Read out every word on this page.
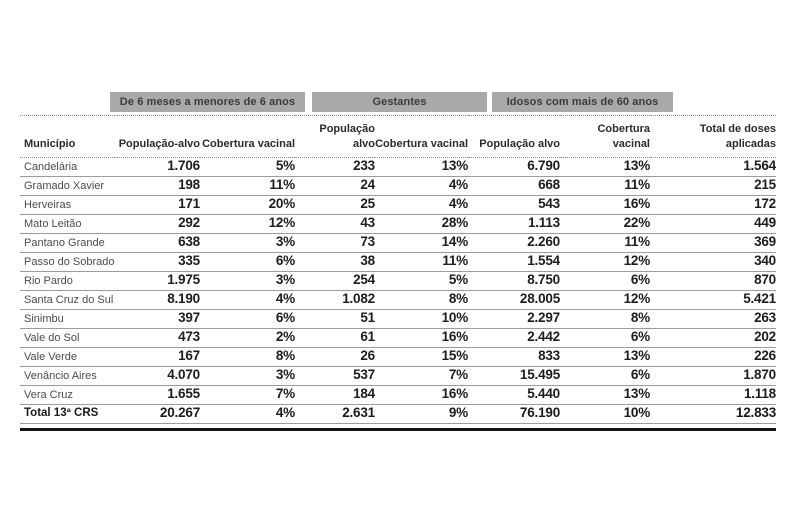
	De 6 meses a menores de 6 anos		Gestantes		Idosos com mais de 60 anos		

Município	População-alvo	Cobertura vacinal	População alvo	Cobertura vacinal	População alvo	Cobertura vacinal	Total de doses aplicadas
Candelária	1.706	5%	233	13%	6.790	13%	1.564
Gramado Xavier	198	11%	24	4%	668	11%	215
Herveiras	171	20%	25	4%	543	16%	172
Mato Leitão	292	12%	43	28%	1.113	22%	449
Pantano Grande	638	3%	73	14%	2.260	11%	369
Passo do Sobrado	335	6%	38	11%	1.554	12%	340
Rio Pardo	1.975	3%	254	5%	8.750	6%	870
Santa Cruz do Sul	8.190	4%	1.082	8%	28.005	12%	5.421
Sinimbu	397	6%	51	10%	2.297	8%	263
Vale do Sol	473	2%	61	16%	2.442	6%	202
Vale Verde	167	8%	26	15%	833	13%	226
Venâncio Aires	4.070	3%	537	7%	15.495	6%	1.870
Vera Cruz	1.655	7%	184	16%	5.440	13%	1.118
Total 13ª CRS	20.267	4%	2.631	9%	76.190	10%	12.833
